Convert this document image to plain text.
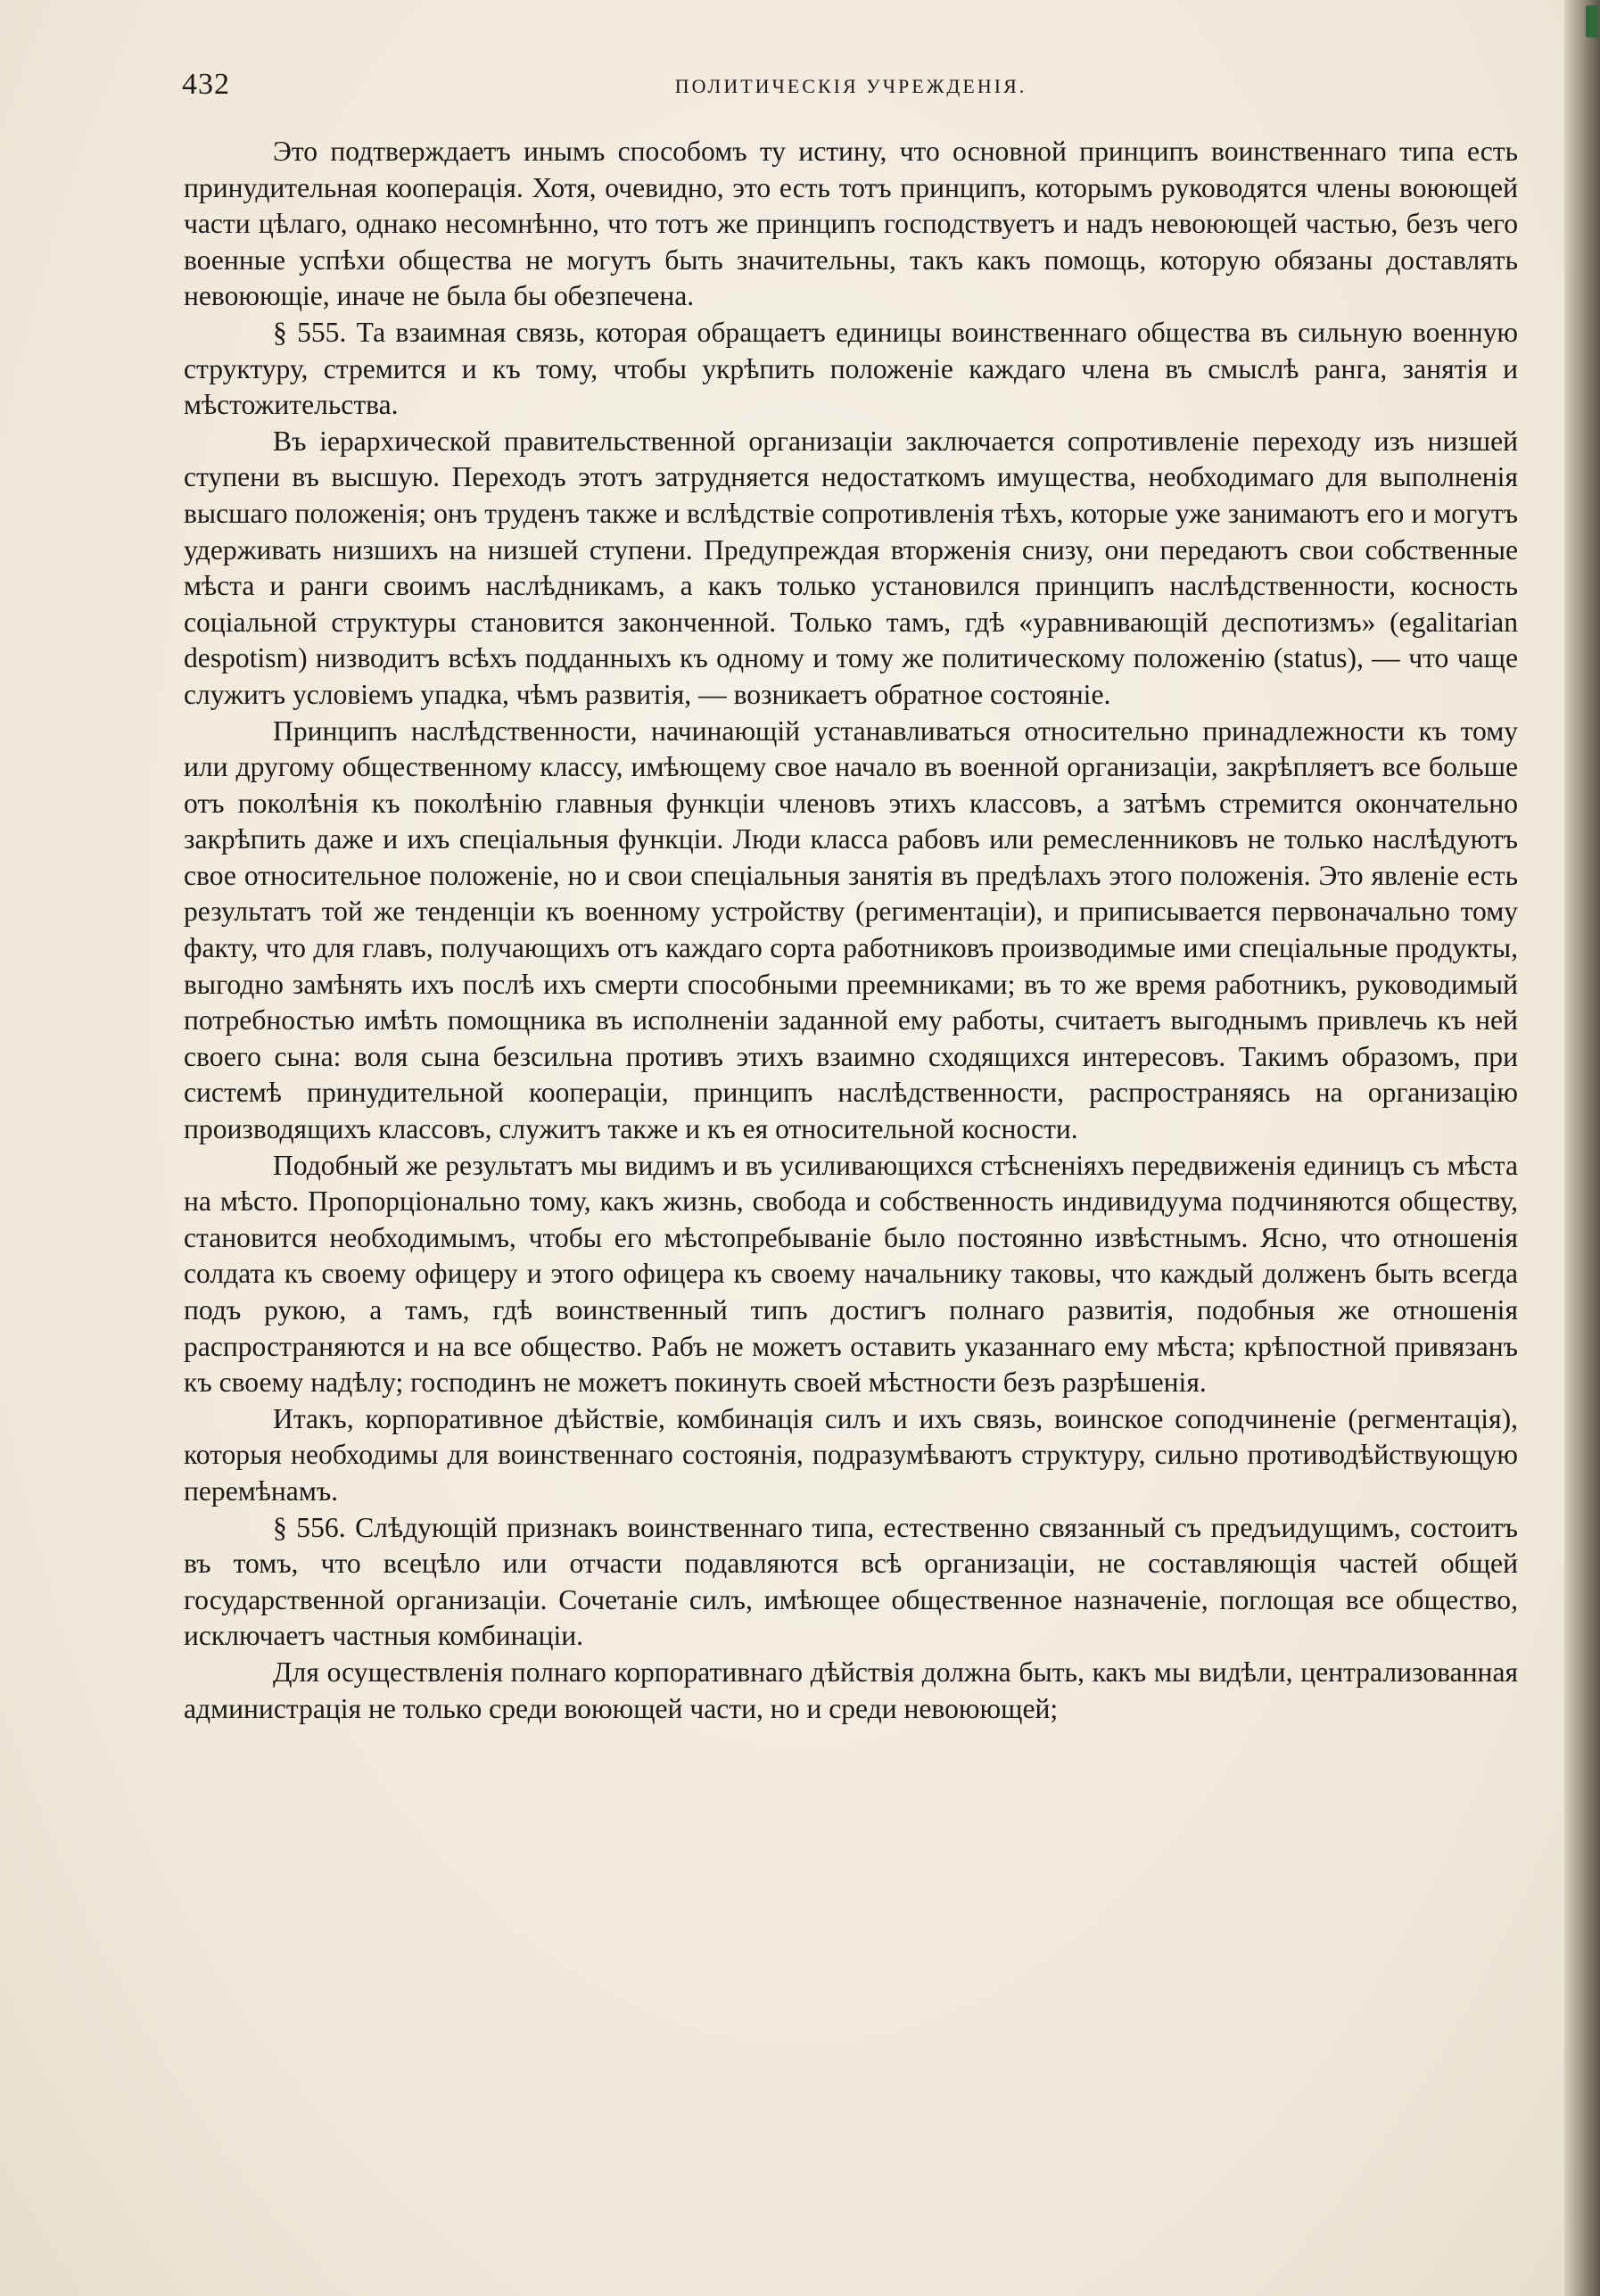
432	ПОЛИТИЧЕСКІЯ УЧРЕЖДЕНІЯ.

Это подтверждаетъ инымъ способомъ ту истину, что основной принципъ воинственнаго типа есть принудительная кооперація. Хотя, очевидно, это есть тотъ принципъ, которымъ руководятся члены воюющей части цѣлаго, однако несомнѣнно, что тотъ же принципъ господствуетъ и надъ невоюющей частью, безъ чего военные успѣхи общества не могутъ быть значительны, такъ какъ помощь, которую обязаны доставлять невоюющіе, иначе не была бы обезпечена.

§ 555. Та взаимная связь, которая обращаетъ единицы воинственнаго общества въ сильную военную структуру, стремится и къ тому, чтобы укрѣпить положеніе каждаго члена въ смыслѣ ранга, занятія и мѣстожительства.

Въ іерархической правительственной организаціи заключается сопротивленіе переходу изъ низшей ступени въ высшую. Переходъ этотъ затрудняется недостаткомъ имущества, необходимаго для выполненія высшаго положенія; онъ труденъ также и вслѣдствіе сопротивленія тѣхъ, которые уже занимаютъ его и могутъ удерживать низшихъ на низшей ступени. Предупреждая вторженія снизу, они передаютъ свои собственные мѣста и ранги своимъ наслѣдникамъ, а какъ только установился принципъ наслѣдственности, косность соціальной структуры становится законченной. Только тамъ, гдѣ «уравнивающій деспотизмъ» (egalitarian despotism) низводитъ всѣхъ подданныхъ къ одному и тому же политическому положенію (status), — что чаще служитъ условіемъ упадка, чѣмъ развитія, — возникаетъ обратное состояніе.

Принципъ наслѣдственности, начинающій устанавливаться относительно принадлежности къ тому или другому общественному классу, имѣющему свое начало въ военной организаціи, закрѣпляетъ все больше отъ поколѣнія къ поколѣнію главныя функціи членовъ этихъ классовъ, а затѣмъ стремится окончательно закрѣпить даже и ихъ спеціальныя функціи. Люди класса рабовъ или ремесленниковъ не только наслѣдуютъ свое относительное положеніе, но и свои спеціальныя занятія въ предѣлахъ этого положенія. Это явленіе есть результатъ той же тенденціи къ военному устройству (региментаціи), и приписывается первоначально тому факту, что для главъ, получающихъ отъ каждаго сорта работниковъ производимые ими спеціальные продукты, выгодно замѣнять ихъ послѣ ихъ смерти способными преемниками; въ то же время работникъ, руководимый потребностью имѣть помощника въ исполненіи заданной ему работы, считаетъ выгоднымъ привлечь къ ней своего сына: воля сына безсильна противъ этихъ взаимно сходящихся интересовъ. Такимъ образомъ, при системѣ принудительной коопераціи, принципъ наслѣдственности, распространяясь на организацію производящихъ классовъ, служитъ также и къ ея относительной косности.

Подобный же результатъ мы видимъ и въ усиливающихся стѣсненіяхъ передвиженія единицъ съ мѣста на мѣсто. Пропорціонально тому, какъ жизнь, свобода и собственность индивидуума подчиняются обществу, становится необходимымъ, чтобы его мѣстопребываніе было постоянно извѣстнымъ. Ясно, что отношенія солдата къ своему офицеру и этого офицера къ своему начальнику таковы, что каждый долженъ быть всегда подъ рукою, а тамъ, гдѣ воинственный типъ достигъ полнаго развитія, подобныя же отношенія распространяются и на все общество. Рабъ не можетъ оставить указаннаго ему мѣста; крѣпостной привязанъ къ своему надѣлу; господинъ не можетъ покинуть своей мѣстности безъ разрѣшенія.

Итакъ, корпоративное дѣйствіе, комбинація силъ и ихъ связь, воинское соподчиненіе (регментація), которыя необходимы для воинственнаго состоянія, подразумѣваютъ структуру, сильно противодѣйствующую перемѣнамъ.

§ 556. Слѣдующій признакъ воинственнаго типа, естественно связанный съ предъидущимъ, состоитъ въ томъ, что всецѣло или отчасти подавляются всѣ организаціи, не составляющія частей общей государственной организаціи. Сочетаніе силъ, имѣющее общественное назначеніе, поглощая все общество, исключаетъ частныя комбинаціи.

Для осуществленія полнаго корпоративнаго дѣйствія должна быть, какъ мы видѣли, централизованная администрація не только среди воюющей части, но и среди невоюющей;
